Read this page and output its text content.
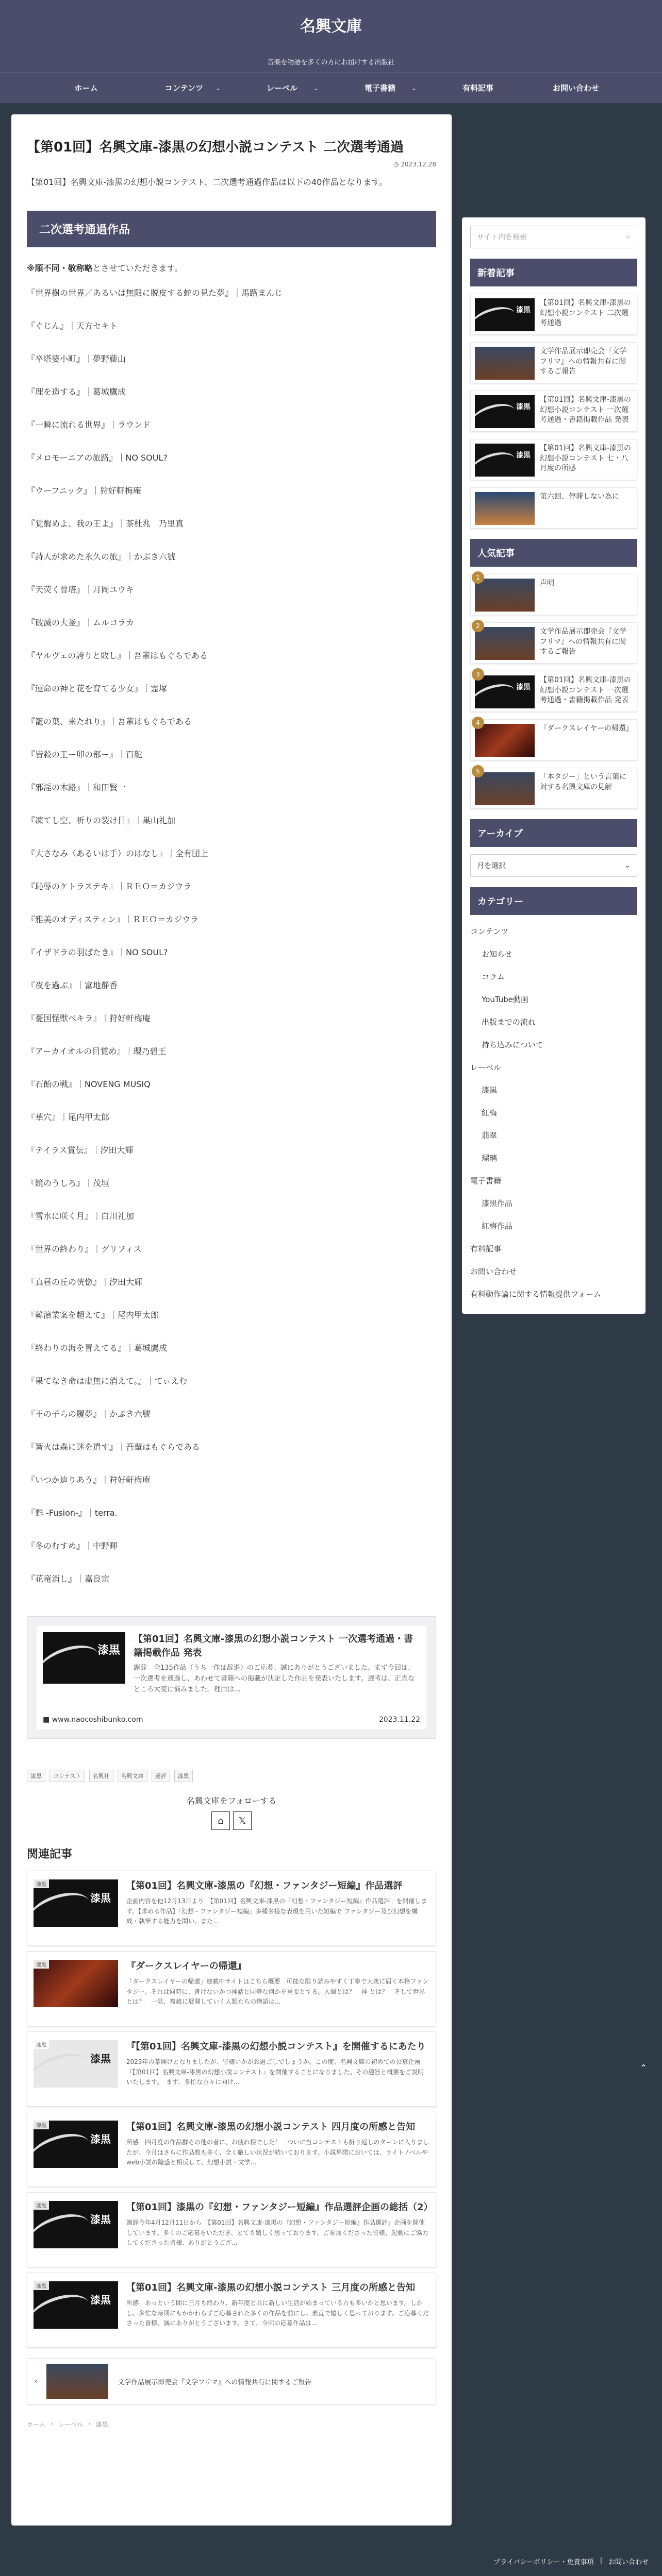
名興文庫
音楽を物語を多くの方にお届けする出版社
ホーム	コンテンツ ⌄	レーベル	⌄	電子書籍	⌄	有料記事	お問い合わせ
【第01回】名興文庫-漆黒の幻想小説コンテスト 二次選考通過
◷ 2023.12.28

【第01回】名興文庫-漆黒の幻想小説コンテスト、二次選考通過作品は以下の40作品となります。

二次選考通過作品

※順不同・敬称略とさせていただきます。

『世界樹の世界／あるいは無限に脱皮する蛇の見た夢』｜馬路まんじ
『ぐじん』｜天方セキト
『卒塔婆小町』｜夢野藤山
『理を造する』｜葛城鷹成
『一瞬に流れる世界』｜ラウンド
『メロモーニアの旅路』｜NO SOUL?
『ウーフニック』｜狩好軒梅庵
『覚醒めよ、我の王よ』｜茶杜兆　乃里真
『詩人が求めた永久の旅』｜かぶき六號
『天荧く曾塔』｜月岡ユウキ
『破滅の大釜』｜ムルコラカ
『ヤルヴェの誇りと敗し』｜吾輩はもぐらである
『運命の神と花を育てる少女』｜霊塚
『籠の葉、来たれり』｜吾輩はもぐらである
『皆殺の王ー卯の都ー』｜百舵
『邪淫の木路』｜和田賢一
『凍てし空、祈りの裂け目』｜巣山礼加
『大さなみ（あるいは手）のはなし』｜全有団上
『恥辱のケトラステキ』｜ＲＥＯ＝カジウラ
『雅美のオディスティン』｜ＲＥＯ＝カジウラ
『イザドラの羽ばたき』｜NO SOUL?
『夜を過ぶ』｜富地静香
『憂国怪獣ベキラ』｜狩好軒梅庵
『アーカイオルの目覚め』｜瓔乃碧王
『石飴の戦』｜NOVENG MUSIQ
『華穴』｜尾内甲太郎
『テイラス賞伝』｜汐田大輝
『鏡のうしろ』｜茂垣
『雪水に咲く月』｜白川礼加
『世界の終わり』｜グリフィス
『真昼の丘の恍惚』｜汐田大輝
『韓濱業案を超えて』｜尾内甲太郎
『終わりの海を冒えてる』｜葛城鷹成
『果てなき命は虚無に消えて。』｜てぃえむ
『王の子らの履夢』｜かぶき六號
『篝火は森に迷を遣す』｜吾輩はもぐらである
『いつか辿りあう』｜狩好軒梅庵
『甦 -Fusion-』｜terra.
『冬のむすめ』｜中野暉
『花竜消し』｜嘉良宗
漆黒
【第01回】名興文庫-漆黒の幻想小説コンテスト 一次選考通過・書籍掲載作品 発表
謝辞　全135作品（うち一作は辞退）のご応募、誠にありがとうございました。まず今回は、一次選考を通過し、あわせて書籍への掲載が決定した作品を発表いたします。選考は、正直なところ大変に悩みました。理由は...
■ www.naocoshibunko.com	2023.11.22
漆黒	コンテスト	名興社	名興文庫	選評	漆黒
名興文庫をフォローする
⌂	𝕏
関連記事
漆黒
漆黒	【第01回】名興文庫-漆黒の『幻想・ファンタジー短編』作品選評
企画内容を他12月13日より「【第01回】名興文庫-漆黒の『幻想・ファンタジー短編』作品選評」を開催します。【求める作品】『幻想・ファンタジー短編』多種多様な表現を用いた短編で ファンタジー及び幻想を構成・執筆する能力を問い、また...
漆黒	『ダークスレイヤーの帰還』
「ダークスレイヤーの帰還」連載中サイトはこちら概要　可能な限り読みやすく丁寧で大衆に届く本格ファンタジー。それは同時に、書けないかつ神話と同等な何かを重要とする。人間とは？　神 とは？　そして世界とは？　一見、複雑に展開していく人類たちの物語は...
漆黒
漆黒	『【第01回】名興文庫-漆黒の幻想小説コンテスト』を開催するにあたり
2023年の幕開けとなりましたが、皆様いかがお過ごしでしょうか。この度、名興文庫の初めての公募企画『【第01回】名興文庫-漆黒の幻想小説コンテスト』を開催することになりました。その趣旨と概要をご説明いたします。　まず、多忙な方々に向け...
漆黒
漆黒	【第01回】名興文庫-漆黒の幻想小説コンテスト 四月度の所感と告知
所感　四月度の作品群その他の者に、お疲れ様でした！　ついに当コンテストも折り返しのターンに入りましたが、今月はさらに作品数も多く、全く厳しい状況が続いております。小説界隈においては、ライトノベルやweb小説の隆盛と相反して、幻想小説・文学...
漆黒
漆黒	【第01回】漆黒の『幻想・ファンタジー短編』作品選評企画の総括（2）
謝辞今年4月12月11日から「【第01回】名興文庫-漆黒の『幻想・ファンタジー短編』作品選評」企画を開催しています。多くのご応募をいただき、とても嬉しく思っております。ご参加くださった皆様、起動にご協力してくださった皆様、ありがとうござ...
漆黒
漆黒	【第01回】名興文庫-漆黒の幻想小説コンテスト 三月度の所感と告知
所感　あっという間に三月も終わり、新年度と共に新しい生活が始まっている方も多いかと思います。しかし、多忙な時期にもかかわらずご応募された多くの作品を前にし、素直で嬉しく思っております。ご応募くださった皆様、誠にありがとうございます。さて、今回の応募作品は...
‹	文学作品展示即売会『文学フリマ』への情報共有に関するご報告
ホーム › レーベル › 漆黒
サイト内を検索	⌕
新着記事
漆黒
【第01回】名興文庫-漆黒の幻想小説コンテスト 二次選考通過
文学作品展示即売会『文学フリマ』への情報共有に関するご報告
漆黒
【第01回】名興文庫-漆黒の幻想小説コンテスト 一次選考通過・書籍掲載作品 発表
漆黒
【第01回】名興文庫-漆黒の幻想小説コンテスト 七・八月度の所感
第六回、停滞しない為に
人気記事
声明
1
文学作品展示即売会『文学フリマ』への情報共有に関するご報告
2
漆黒
【第01回】名興文庫-漆黒の幻想小説コンテスト 一次選考通過・書籍掲載作品 発表
3
『ダークスレイヤーの帰還』
4
「本タジー」という言葉に対する名興文庫の見解
5
アーカイブ
月を選択	⌄
カテゴリー
コンテンツ
お知らせ
コラム
YouTube動画
出版までの流れ
持ち込みについて
レーベル
漆黒
紅梅
翡翠
瑠璃
電子書籍
漆黒作品
紅梅作品
有料記事
お問い合わせ
有料動作論に関する情報提供フォーム
⌃
プライバシーポリシー・免責事項 | お問い合わせ
